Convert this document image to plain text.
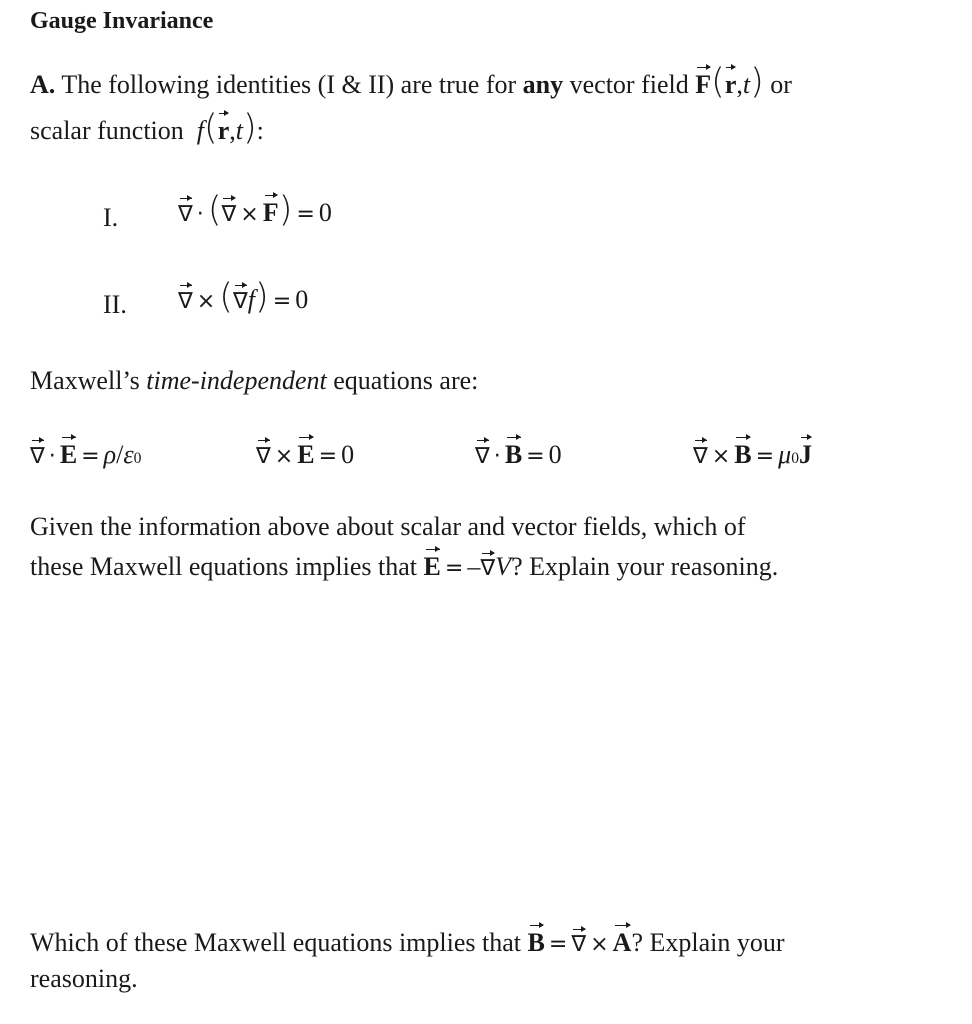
Gauge Invariance
A. The following identities (I & II) are true for any vector field F ( r , t ) or
scalar function f ( r , t ) :
I.	∇ · ( ∇ × F ) = 0
II. ∇ × ( ∇ f ) = 0
Maxwell’s time-independent equations are:
∇ · E = ρ / ε 0	∇ × E = 0	∇ · B = 0	∇ × B = μ 0 J
Given the information above about scalar and vector fields, which of
these Maxwell equations implies that E = – ∇ V ? Explain your reasoning.
Which of these Maxwell equations implies that B = ∇ × A ? Explain your
reasoning.
